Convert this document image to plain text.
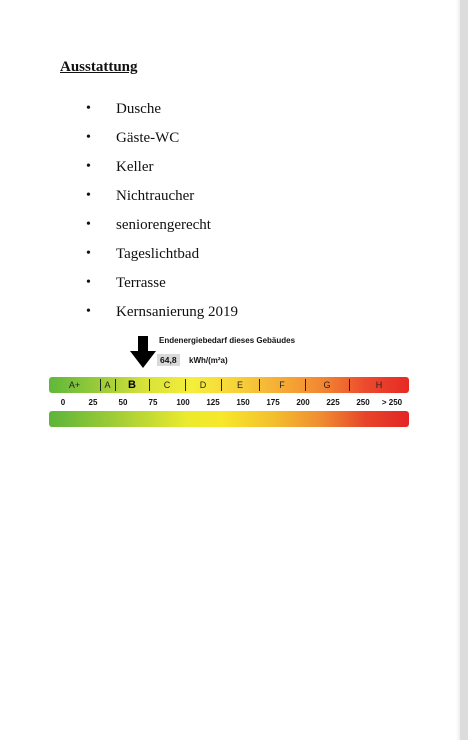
Ausstattung
• Dusche
• Gäste-WC
• Keller
• Nichtraucher
• seniorengerecht
• Tageslichtbad
• Terrasse
• Kernsanierung 2019
Endenergiebedarf dieses Gebäudes
64,8	kWh/(m²a)
A+	A	B	C	D	E	F	G	H
0	25	50	75 100 125 150 175 200 225 250 > 250
